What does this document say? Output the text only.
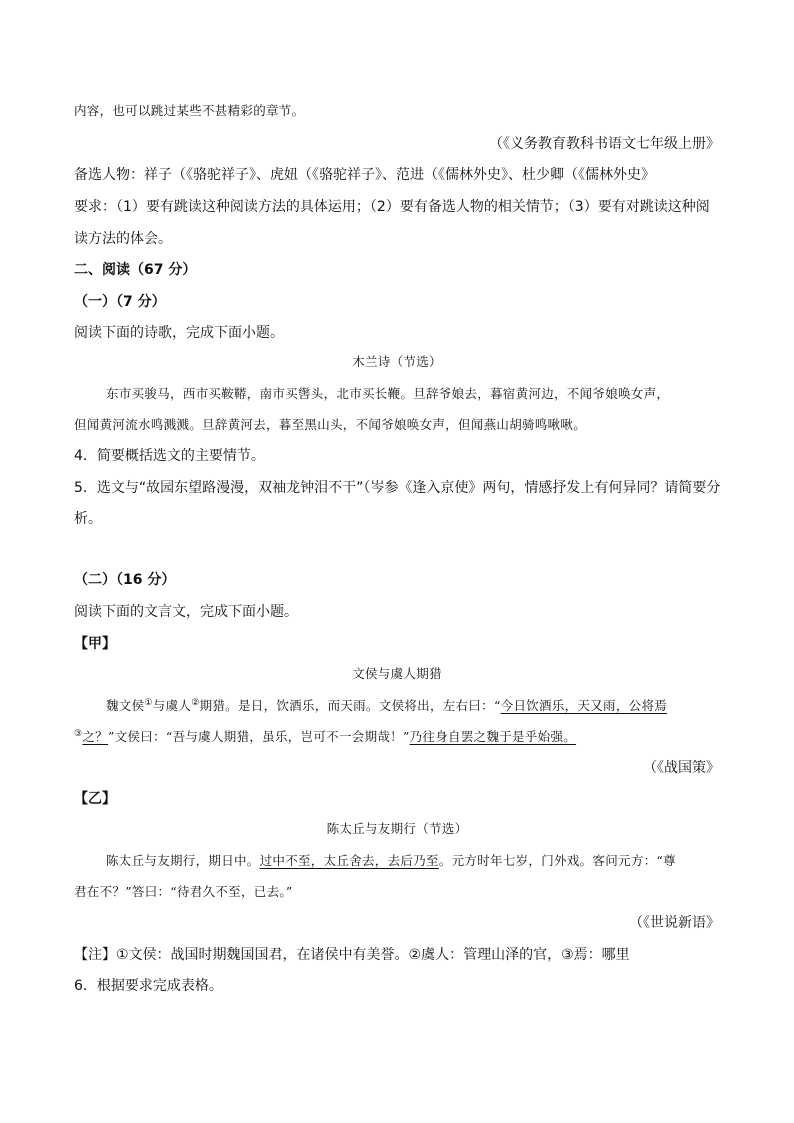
内容，也可以跳过某些不甚精彩的章节。
（《义务教育教科书语文七年级上册》
备选人物：祥子（《骆驼祥子》、虎妞（《骆驼祥子》、范进（《儒林外史》、杜少卿（《儒林外史》
要求：（1）要有跳读这种阅读方法的具体运用；（2）要有备选人物的相关情节；（3）要有对跳读这种阅
读方法的体会。
二、阅读（67 分）
（一）（7 分）
阅读下面的诗歌，完成下面小题。
木兰诗（节选）
东市买骏马，西市买鞍鞯，南市买辔头，北市买长鞭。旦辞爷娘去，暮宿黄河边，不闻爷娘唤女声，
但闻黄河流水鸣溅溅。旦辞黄河去，暮至黑山头，不闻爷娘唤女声，但闻燕山胡骑鸣啾啾。
4．简要概括选文的主要情节。
5．选文与“故园东望路漫漫，双袖龙钟泪不干”（岑参《逢入京使》两句，情感抒发上有何异同？请简要分
析。
（二）（16 分）
阅读下面的文言文，完成下面小题。
【甲】
文侯与虞人期猎
魏文侯①与虞人②期猎。是日，饮酒乐，而天雨。文侯将出，左右曰：“今日饮酒乐，天又雨，公将焉
③之？”文侯曰：“吾与虞人期猎，虽乐，岂可不一会期哉！”乃往身自罢之魏于是乎始强。
（《战国策》
【乙】
陈太丘与友期行（节选）
陈太丘与友期行，期日中。过中不至，太丘舍去，去后乃至。元方时年七岁，门外戏。客问元方：“尊
君在不？”答曰：“待君久不至，已去。”
（《世说新语》
【注】①文侯：战国时期魏国国君，在诸侯中有美誉。②虞人：管理山泽的官，③焉：哪里
6．根据要求完成表格。
